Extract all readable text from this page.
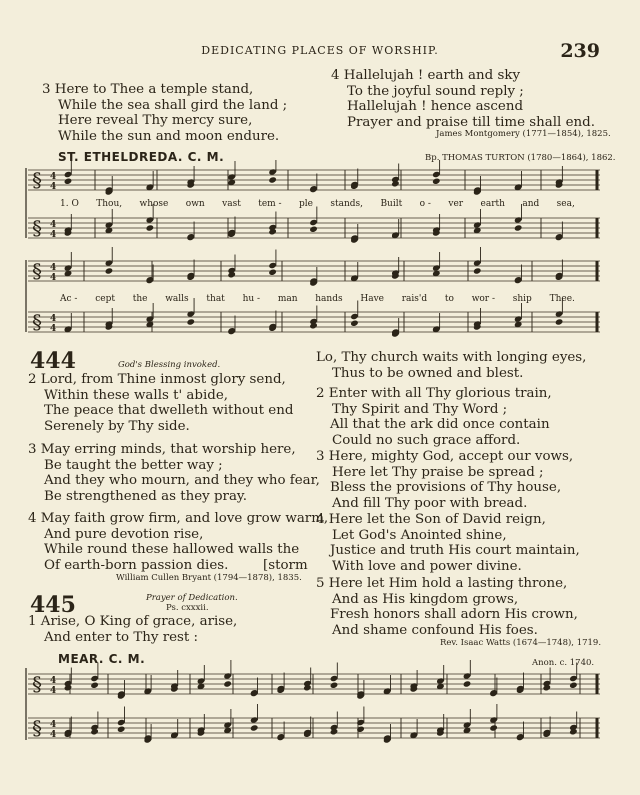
DEDICATING PLACES OF WORSHIP.	239
3 Here to Thee a temple stand,
While the sea shall gird the land ;
Here reveal Thy mercy sure,
While the sun and moon endure.
4 Hallelujah ! earth and sky
To the joyful sound reply ;
Hallelujah ! hence ascend
Prayer and praise till time shall end.
James Montgomery (1771—1854), 1825.
ST. ETHELDREDA. C. M.	Bp. THOMAS TURTON (1780—1864), 1862.
§ 4
4
§ 4
4
§ 4
4
§ 4
4
1. O Thou, whose own vast tem - ple stands, Built o - ver earth and sea,
Ac - cept the walls that hu - man hands Have rais'd to wor - ship Thee.
444	God's Blessing invoked.
2 Lord, from Thine inmost glory send,
Within these walls t' abide,
The peace that dwelleth without end
Serenely by Thy side.
3 May erring minds, that worship here,
Be taught the better way ;
And they who mourn, and they who fear,
Be strengthened as they pray.
4 May faith grow firm, and love grow warm,
And pure devotion rise,
While round these hallowed walls the
Of earth-born passion dies.	[storm
William Cullen Bryant (1794—1878), 1835.
445	Prayer of Dedication.
Ps. cxxxii.
1 Arise, O King of grace, arise,
And enter to Thy rest :
Lo, Thy church waits with longing eyes,
Thus to be owned and blest.
2 Enter with all Thy glorious train,
Thy Spirit and Thy Word ;
All that the ark did once contain
Could no such grace afford.
3 Here, mighty God, accept our vows,
Here let Thy praise be spread ;
Bless the provisions of Thy house,
And fill Thy poor with bread.
4 Here let the Son of David reign,
Let God's Anointed shine,
Justice and truth His court maintain,
With love and power divine.
5 Here let Him hold a lasting throne,
And as His kingdom grows,
Fresh honors shall adorn His crown,
And shame confound His foes.
Rev. Isaac Watts (1674—1748), 1719.
MEAR. C. M.	Anon. c. 1740.
§ 4
4
§ 4
4
